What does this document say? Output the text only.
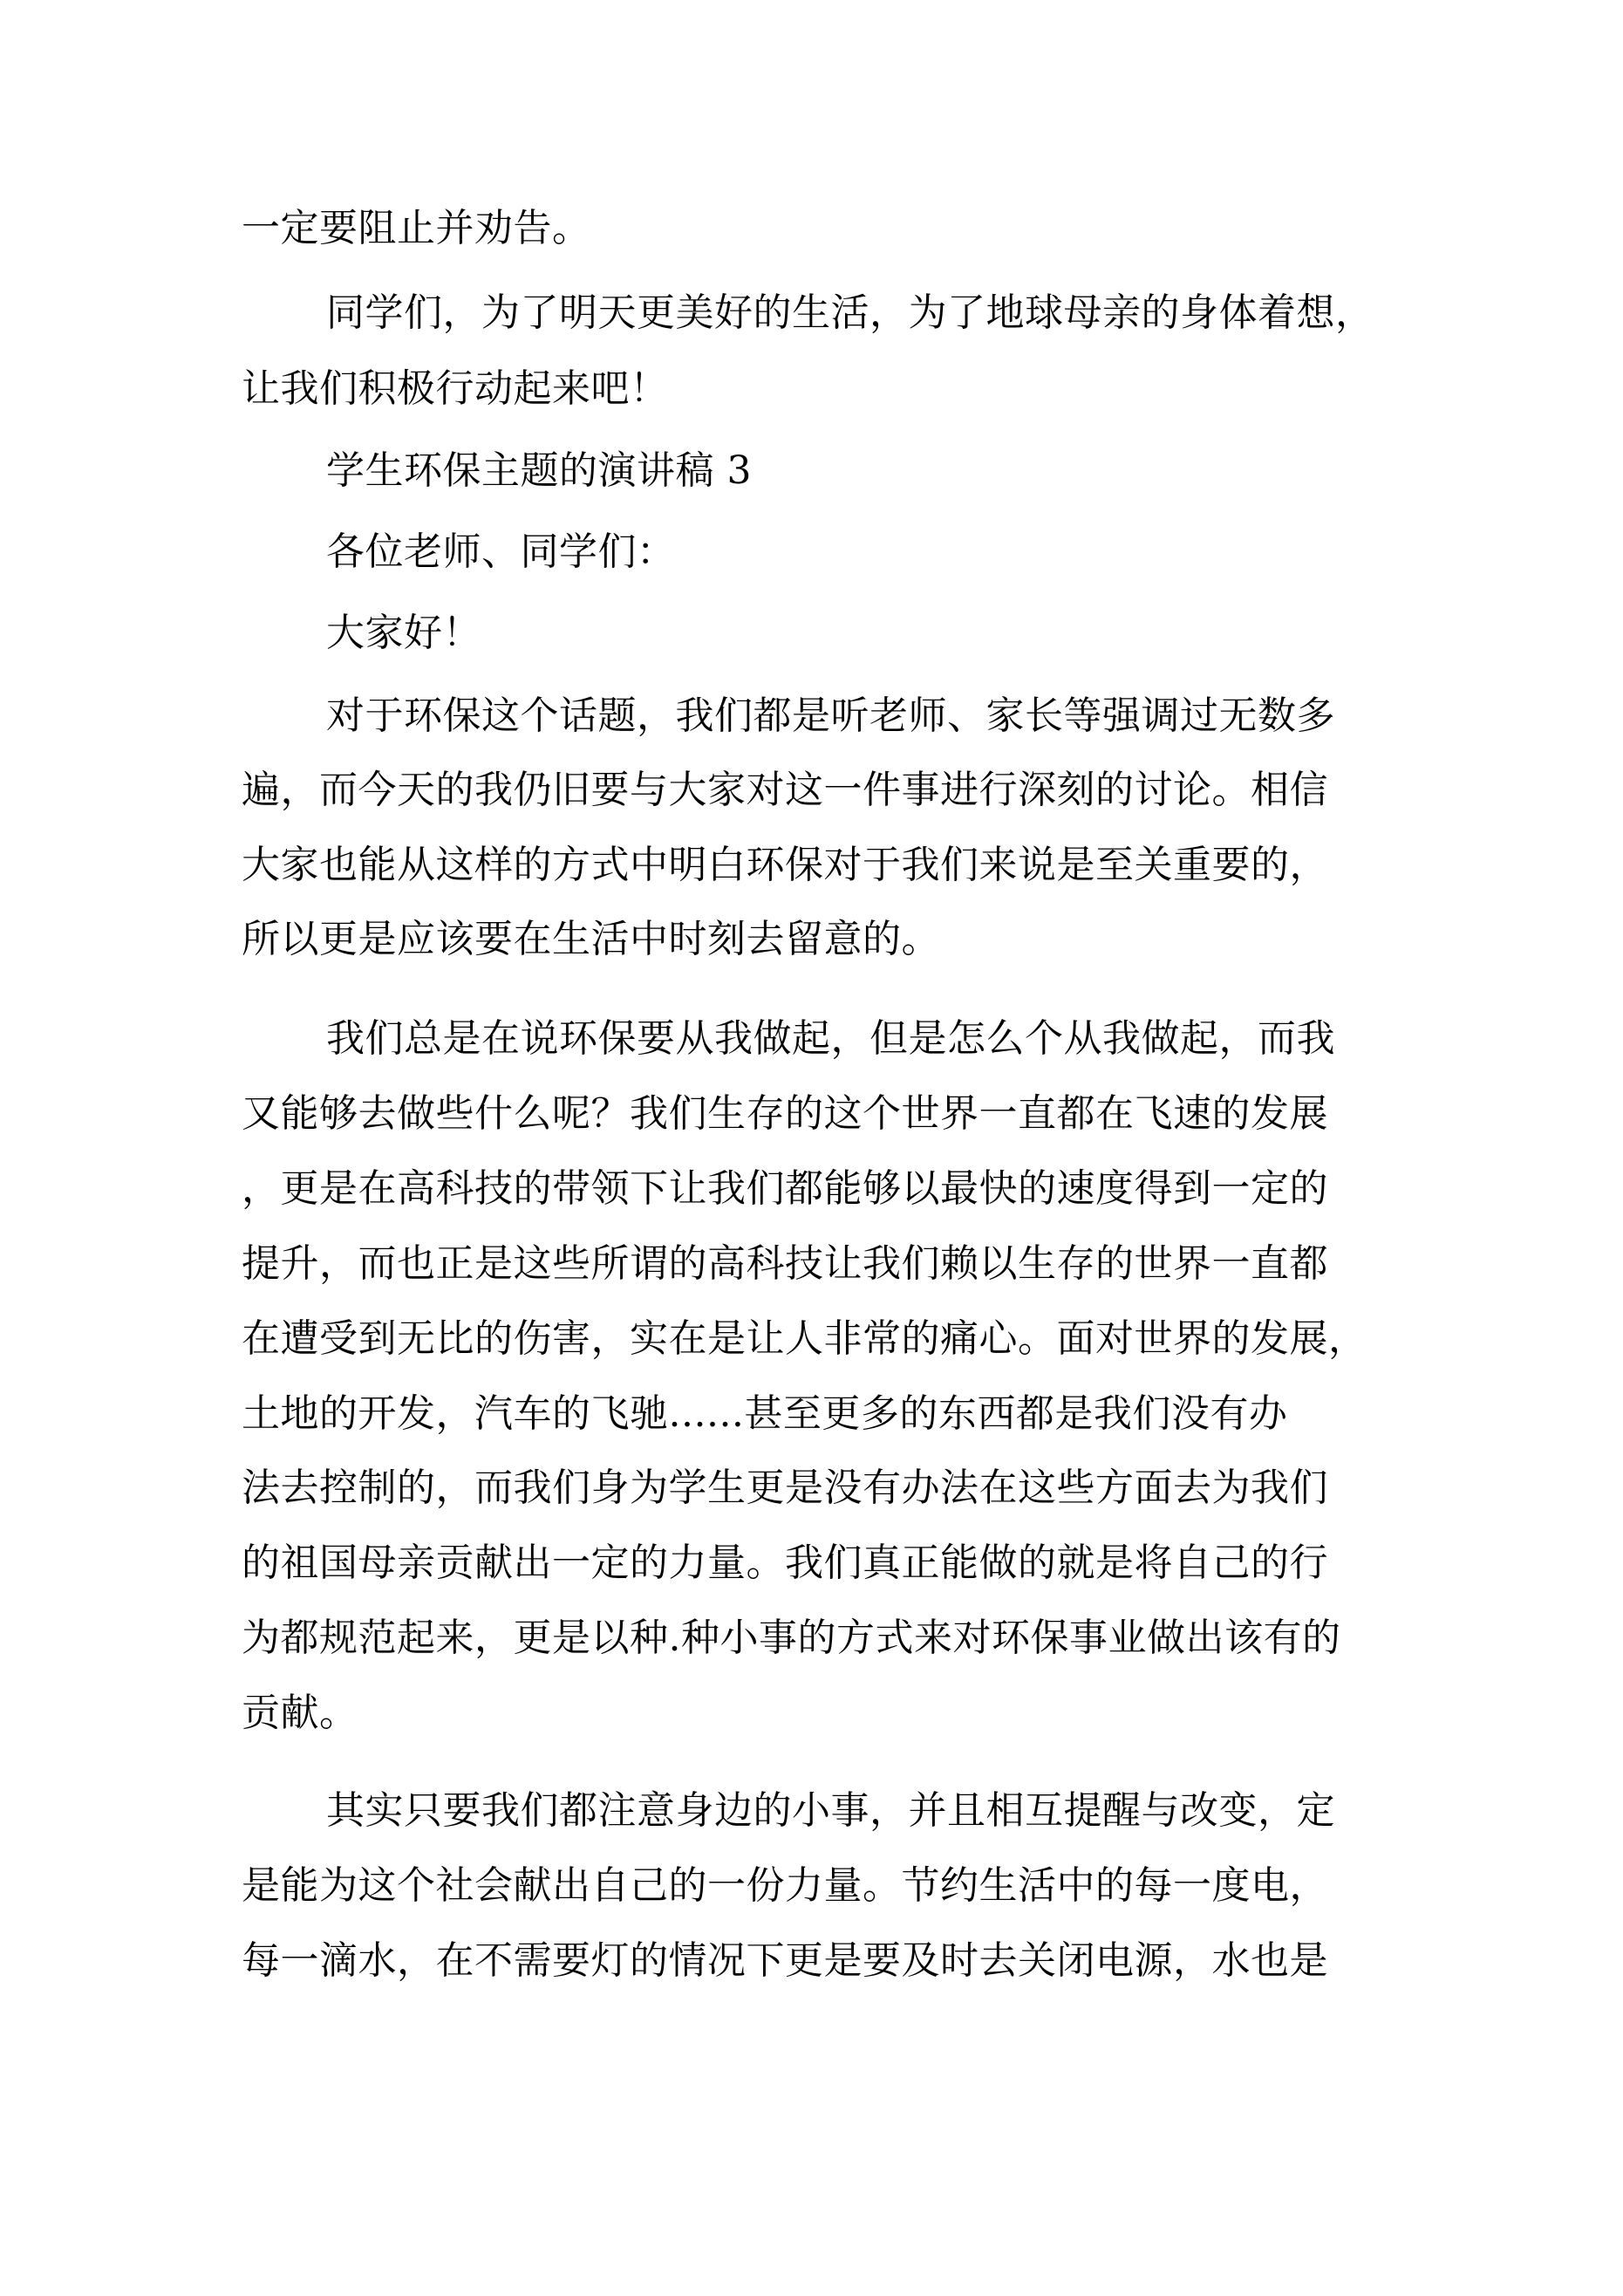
一定要阻止并劝告。
同学们，为了明天更美好的生活，为了地球母亲的身体着想，
让我们积极行动起来吧！
学生环保主题的演讲稿 3
各位老师、同学们：
大家好！
对于环保这个话题，我们都是听老师、家长等强调过无数多
遍，而今天的我仍旧要与大家对这一件事进行深刻的讨论。相信
大家也能从这样的方式中明白环保对于我们来说是至关重要的，
所以更是应该要在生活中时刻去留意的。
我们总是在说环保要从我做起，但是怎么个从我做起，而我
又能够去做些什么呢？我们生存的这个世界一直都在飞速的发展
，更是在高科技的带领下让我们都能够以最快的速度得到一定的
提升，而也正是这些所谓的高科技让我们赖以生存的世界一直都
在遭受到无比的伤害，实在是让人非常的痛心。面对世界的发展，
土地的开发，汽车的飞驰......甚至更多的东西都是我们没有办
法去控制的，而我们身为学生更是没有办法在这些方面去为我们
的祖国母亲贡献出一定的力量。我们真正能做的就是将自己的行
为都规范起来，更是以种.种小事的方式来对环保事业做出该有的
贡献。
其实只要我们都注意身边的小事，并且相互提醒与改变，定
是能为这个社会献出自己的一份力量。节约生活中的每一度电，
每一滴水，在不需要灯的情况下更是要及时去关闭电源，水也是
